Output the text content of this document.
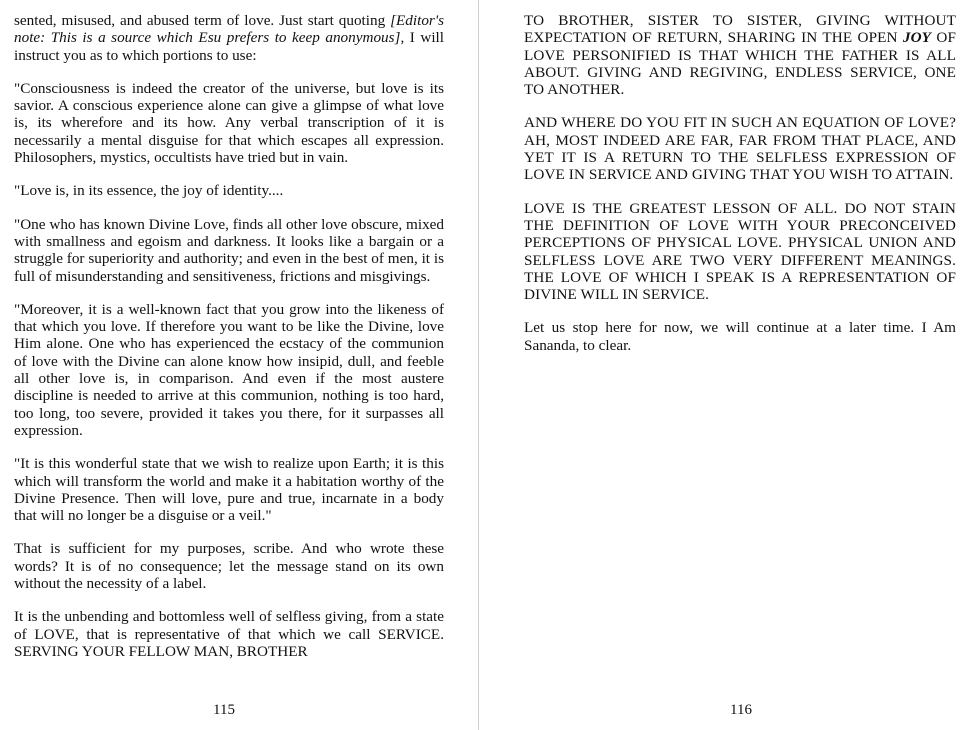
sented, misused, and abused term of love. Just start quoting [Editor's note: This is a source which Esu prefers to keep anonymous], I will instruct you as to which portions to use:

"Consciousness is indeed the creator of the universe, but love is its savior. A conscious experience alone can give a glimpse of what love is, its wherefore and its how. Any verbal transcription of it is necessarily a mental disguise for that which escapes all expression. Philosophers, mystics, occultists have tried but in vain.

"Love is, in its essence, the joy of identity....

"One who has known Divine Love, finds all other love obscure, mixed with smallness and egoism and darkness. It looks like a bargain or a struggle for superiority and authority; and even in the best of men, it is full of misunderstanding and sensitiveness, frictions and misgivings.

"Moreover, it is a well-known fact that you grow into the likeness of that which you love. If therefore you want to be like the Divine, love Him alone. One who has experienced the ecstacy of the communion of love with the Divine can alone know how insipid, dull, and feeble all other love is, in comparison. And even if the most austere discipline is needed to arrive at this communion, nothing is too hard, too long, too severe, provided it takes you there, for it surpasses all expression.

"It is this wonderful state that we wish to realize upon Earth; it is this which will transform the world and make it a habitation worthy of the Divine Presence. Then will love, pure and true, incarnate in a body that will no longer be a disguise or a veil."

That is sufficient for my purposes, scribe. And who wrote these words? It is of no consequence; let the message stand on its own without the necessity of a label.

It is the unbending and bottomless well of selfless giving, from a state of LOVE, that is representative of that which we call SERVICE. SERVING YOUR FELLOW MAN, BROTHER

115

TO BROTHER, SISTER TO SISTER, GIVING WITHOUT EXPECTATION OF RETURN, SHARING IN THE OPEN JOY OF LOVE PERSONIFIED IS THAT WHICH THE FATHER IS ALL ABOUT. GIVING AND REGIVING, ENDLESS SERVICE, ONE TO ANOTHER.

AND WHERE DO YOU FIT IN SUCH AN EQUATION OF LOVE? AH, MOST INDEED ARE FAR, FAR FROM THAT PLACE, AND YET IT IS A RETURN TO THE SELFLESS EXPRESSION OF LOVE IN SERVICE AND GIVING THAT YOU WISH TO ATTAIN.

LOVE IS THE GREATEST LESSON OF ALL. DO NOT STAIN THE DEFINITION OF LOVE WITH YOUR PRECONCEIVED PERCEPTIONS OF PHYSICAL LOVE. PHYSICAL UNION AND SELFLESS LOVE ARE TWO VERY DIFFERENT MEANINGS. THE LOVE OF WHICH I SPEAK IS A REPRESENTATION OF DIVINE WILL IN SERVICE.

Let us stop here for now, we will continue at a later time. I Am Sananda, to clear.

116
